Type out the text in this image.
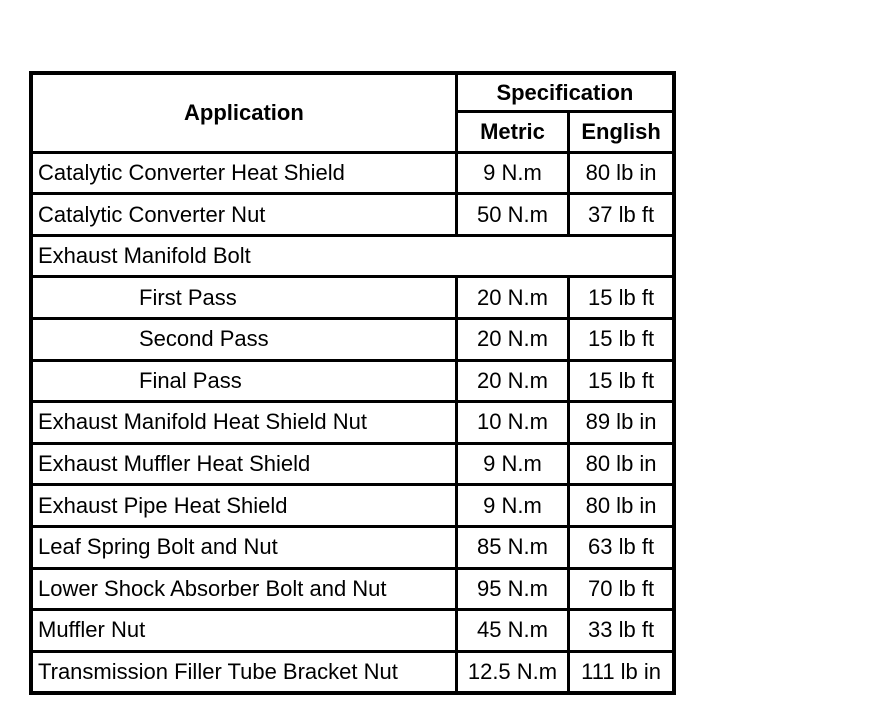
Application	Specification	
	Metric	English
Catalytic Converter Heat Shield	9 N.m	80 lb in
Catalytic Converter Nut	50 N.m	37 lb ft
Exhaust Manifold Bolt		
First Pass	20 N.m	15 lb ft
Second Pass	20 N.m	15 lb ft
Final Pass	20 N.m	15 lb ft
Exhaust Manifold Heat Shield Nut	10 N.m	89 lb in
Exhaust Muffler Heat Shield	9 N.m	80 lb in
Exhaust Pipe Heat Shield	9 N.m	80 lb in
Leaf Spring Bolt and Nut	85 N.m	63 lb ft
Lower Shock Absorber Bolt and Nut	95 N.m	70 lb ft
Muffler Nut	45 N.m	33 lb ft
Transmission Filler Tube Bracket Nut	12.5 N.m	111 lb in
